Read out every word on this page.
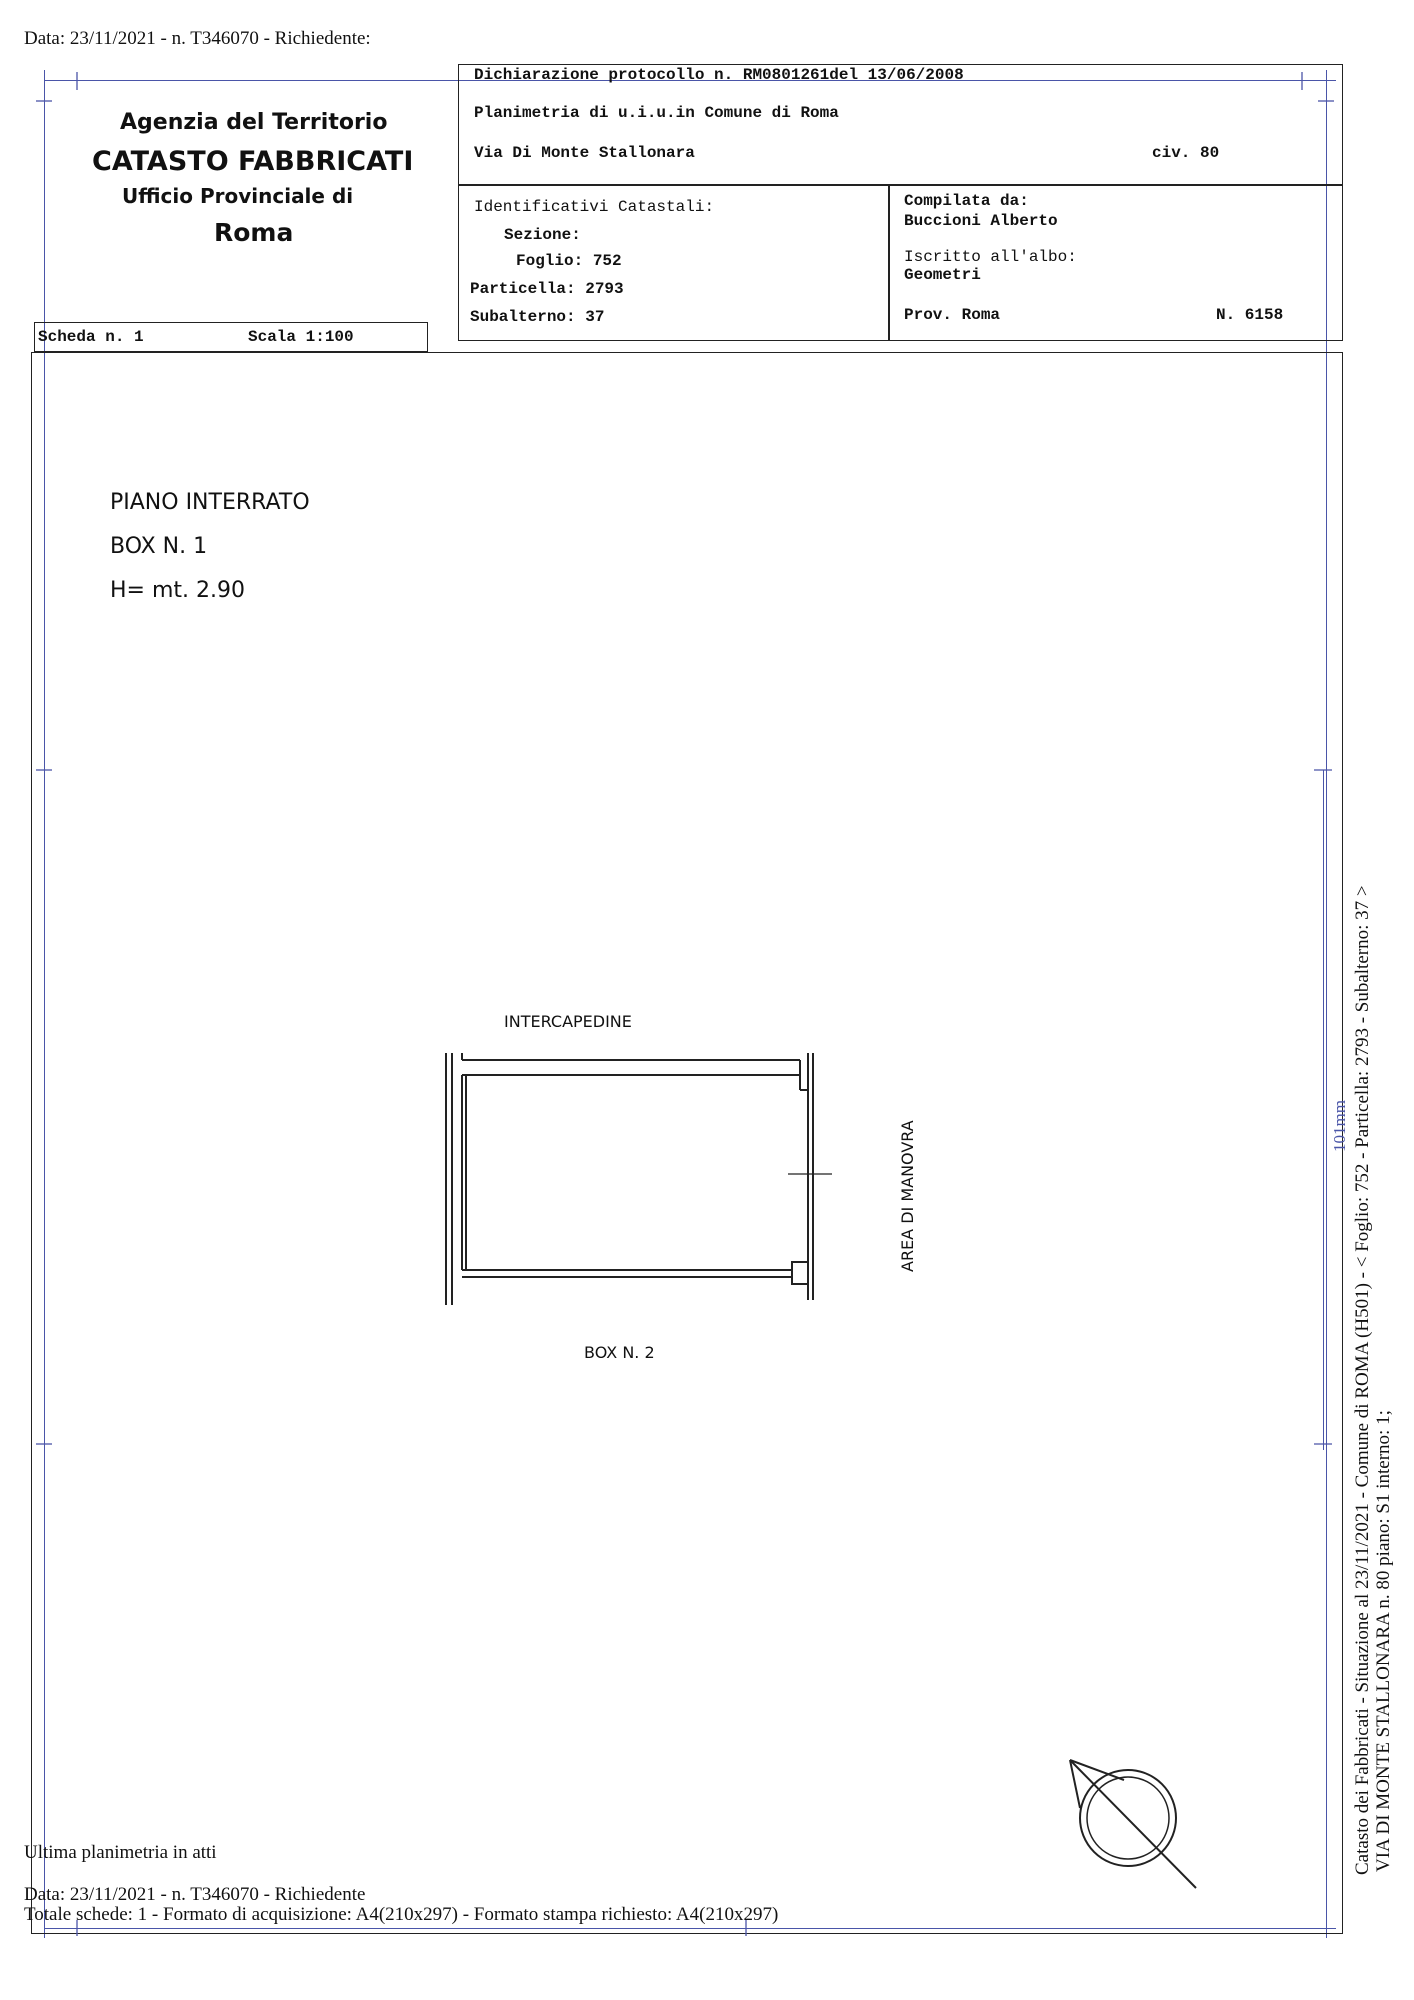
Data: 23/11/2021 - n. T346070 - Richiedente:
Agenzia del Territorio
CATASTO FABBRICATI
Ufficio Provinciale di
Roma
Scheda n. 1	Scala 1:100
Dichiarazione protocollo n. RM0801261del 13/06/2008
Planimetria di u.i.u.in Comune di Roma
Via Di Monte Stallonara	civ. 80
Identificativi Catastali:
Sezione:
Foglio: 752
Particella: 2793
Subalterno: 37
Compilata da:
Buccioni Alberto
Iscritto all'albo:
Geometri
Prov. Roma	N. 6158
PIANO INTERRATO
BOX N. 1
H= mt. 2.90
INTERCAPEDINE
BOX N. 2
AREA DI MANOVRA	Catasto dei Fabbricati - Situazione al 23/11/2021 - Comune di ROMA (H501) - < Foglio: 752 - Particella: 2793 - Subalterno: 37 > VIA DI MONTE STALLONARA n. 80 piano: S1 interno: 1;
101mm
Ultima planimetria in atti
Data: 23/11/2021 - n. T346070 - Richiedente
Totale schede: 1 - Formato di acquisizione: A4(210x297) - Formato stampa richiesto: A4(210x297)
